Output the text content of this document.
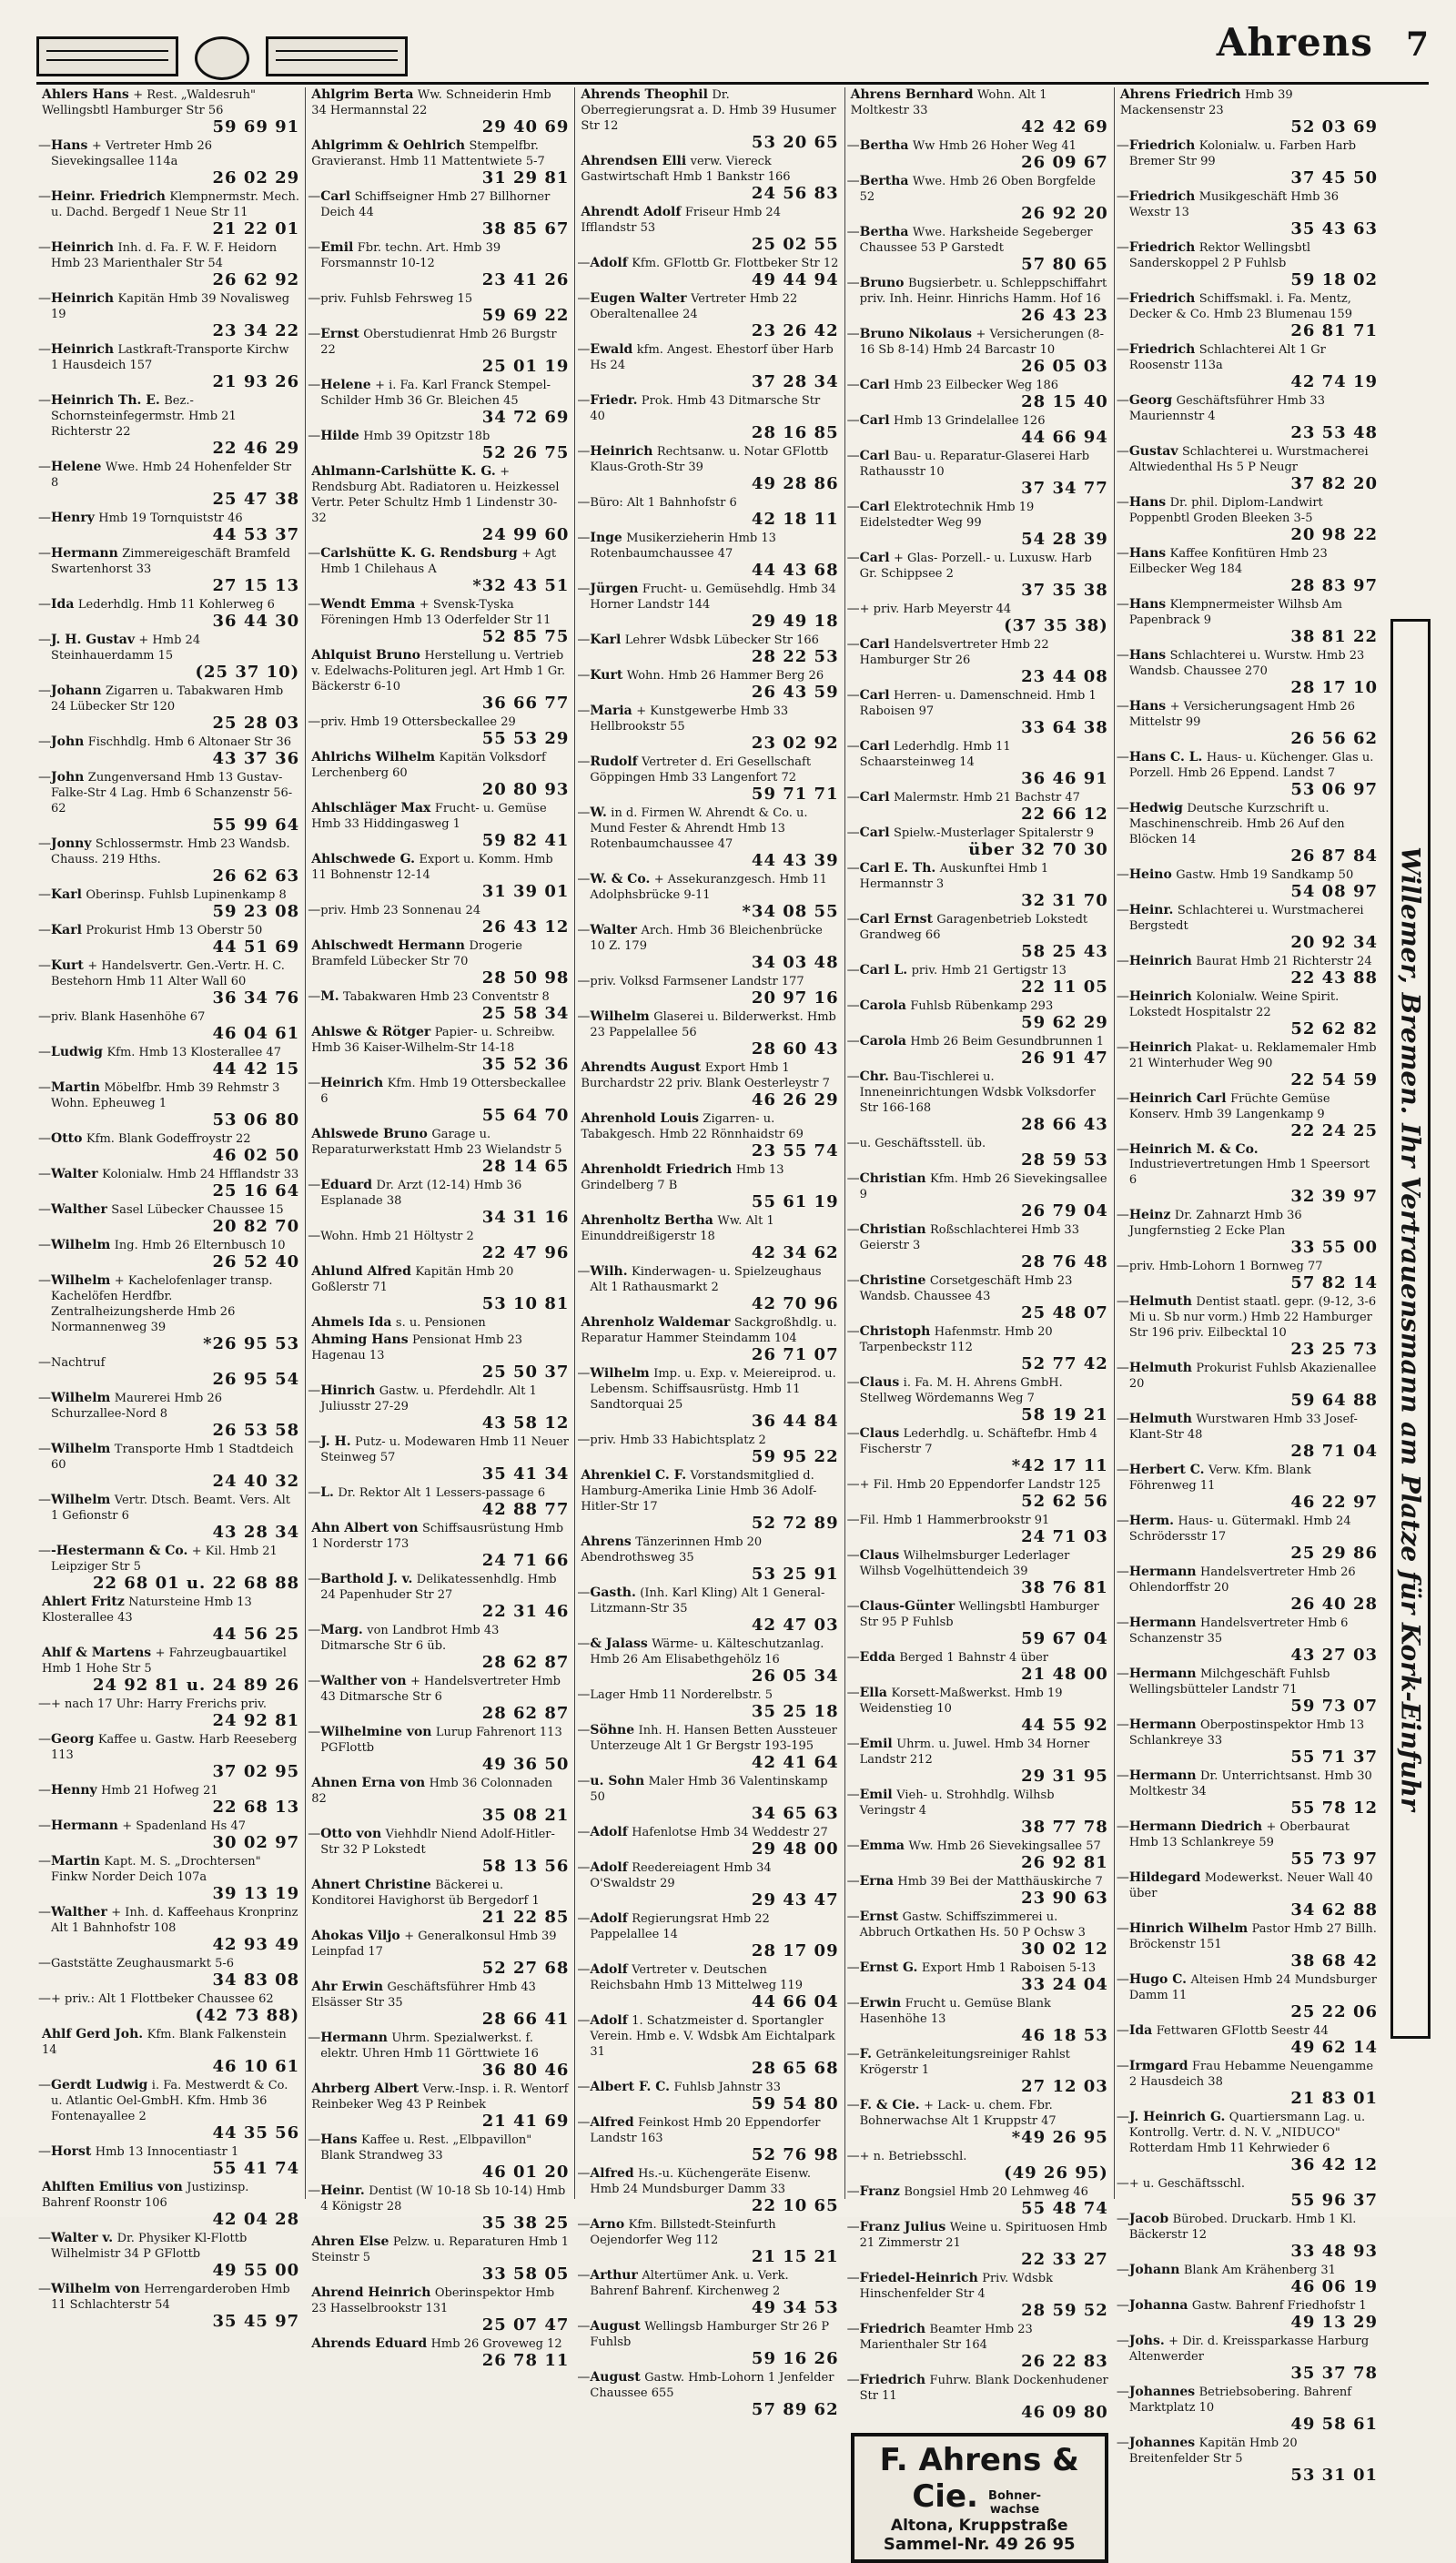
Ahrens 7
Ahlers Hans + Rest. „Waldesruh" Wellingsbtl Hamburger Str 56
59 69 91
— Hans + Vertreter Hmb 26 Sievekingsallee 114a
26 02 29
— Heinr. Friedrich Klempnermstr. Mech. u. Dachd. Bergedf 1 Neue Str 11
21 22 01
— Heinrich Inh. d. Fa. F. W. F. Heidorn Hmb 23 Marienthaler Str 54
26 62 92
— Heinrich Kapitän Hmb 39 Novalisweg 19
23 34 22
— Heinrich Lastkraft-Transporte Kirchw 1 Hausdeich 157
21 93 26
— Heinrich Th. E. Bez.-Schornsteinfegermstr. Hmb 21 Richterstr 22
22 46 29
— Helene Wwe. Hmb 24 Hohenfelder Str 8
25 47 38
— Henry Hmb 19 Tornquiststr 46
44 53 37
— Hermann Zimmereigeschäft Bramfeld Swartenhorst 33
27 15 13
— Ida Lederhdlg. Hmb 11 Kohlerweg 6
36 44 30
— J. H. Gustav + Hmb 24 Steinhauerdamm 15
(25 37 10)
— Johann Zigarren u. Tabakwaren Hmb 24 Lübecker Str 120
25 28 03
— John Fischhdlg. Hmb 6 Altonaer Str 36
43 37 36
— John Zungenversand Hmb 13 Gustav-Falke-Str 4 Lag. Hmb 6 Schanzenstr 56-62
55 99 64
— Jonny Schlossermstr. Hmb 23 Wandsb. Chauss. 219 Hths.
26 62 63
— Karl Oberinsp. Fuhlsb Lupinenkamp 8
59 23 08
— Karl Prokurist Hmb 13 Oberstr 50
44 51 69
— Kurt + Handelsvertr. Gen.-Vertr. H. C. Bestehorn Hmb 11 Alter Wall 60
36 34 76
— priv. Blank Hasenhöhe 67
46 04 61
— Ludwig Kfm. Hmb 13 Klosterallee 47
44 42 15
— Martin Möbelfbr. Hmb 39 Rehmstr 3 Wohn. Epheuweg 1
53 06 80
— Otto Kfm. Blank Godeffroystr 22
46 02 50
— Walter Kolonialw. Hmb 24 Hfflandstr 33
25 16 64
— Walther Sasel Lübecker Chaussee 15
20 82 70
— Wilhelm Ing. Hmb 26 Elternbusch 10
26 52 40
— Wilhelm + Kachelofenlager transp. Kachelöfen Herdfbr. Zentralheizungsherde Hmb 26 Normannenweg 39
*26 95 53
— Nachtruf
26 95 54
— Wilhelm Maurerei Hmb 26 Schurzallee-Nord 8
26 53 58
— Wilhelm Transporte Hmb 1 Stadtdeich 60
24 40 32
— Wilhelm Vertr. Dtsch. Beamt. Vers. Alt 1 Gefionstr 6
43 28 34
— -Hestermann & Co. + Kil. Hmb 21 Leipziger Str 5
22 68 01 u. 22 68 88
Ahlert Fritz Natursteine Hmb 13 Klosterallee 43
44 56 25
Ahlf & Martens + Fahrzeugbauartikel Hmb 1 Hohe Str 5
24 92 81 u. 24 89 26
— + nach 17 Uhr: Harry Frerichs priv.
24 92 81
— Georg Kaffee u. Gastw. Harb Reeseberg 113
37 02 95
— Henny Hmb 21 Hofweg 21
22 68 13
— Hermann + Spadenland Hs 47
30 02 97
— Martin Kapt. M. S. „Drochtersen" Finkw Norder Deich 107a
39 13 19
— Walther + Inh. d. Kaffeehaus Kronprinz Alt 1 Bahnhofstr 108
42 93 49
— Gaststätte Zeughausmarkt 5-6
34 83 08
— + priv.: Alt 1 Flottbeker Chaussee 62
(42 73 88)
Ahlf Gerd Joh. Kfm. Blank Falkenstein 14
46 10 61
— Gerdt Ludwig i. Fa. Mestwerdt & Co. u. Atlantic Oel-GmbH. Kfm. Hmb 36 Fontenayallee 2
44 35 56
— Horst Hmb 13 Innocentiastr 1
55 41 74
Ahlften Emilius von Justizinsp. Bahrenf Roonstr 106
42 04 28
— Walter v. Dr. Physiker Kl-Flottb Wilhelmistr 34 P GFlottb
49 55 00
— Wilhelm von Herrengarderoben Hmb 11 Schlachterstr 54
35 45 97
Ahlgrim Berta Ww. Schneiderin Hmb 34 Hermannstal 22
29 40 69
Ahlgrimm & Oehlrich Stempelfbr. Gravieranst. Hmb 11 Mattentwiete 5-7
31 29 81
— Carl Schiffseigner Hmb 27 Billhorner Deich 44
38 85 67
— Emil Fbr. techn. Art. Hmb 39 Forsmannstr 10-12
23 41 26
— priv. Fuhlsb Fehrsweg 15
59 69 22
— Ernst Oberstudienrat Hmb 26 Burgstr 22
25 01 19
— Helene + i. Fa. Karl Franck Stempel-Schilder Hmb 36 Gr. Bleichen 45
34 72 69
— Hilde Hmb 39 Opitzstr 18b
52 26 75
Ahlmann-Carlshütte K. G. + Rendsburg Abt. Radiatoren u. Heizkessel Vertr. Peter Schultz Hmb 1 Lindenstr 30-32
24 99 60
— Carlshütte K. G. Rendsburg + Agt Hmb 1 Chilehaus A
*32 43 51
— Wendt Emma + Svensk-Tyska Föreningen Hmb 13 Oderfelder Str 11
52 85 75
Ahlquist Bruno Herstellung u. Vertrieb v. Edelwachs-Polituren jegl. Art Hmb 1 Gr. Bäckerstr 6-10
36 66 77
— priv. Hmb 19 Ottersbeckallee 29
55 53 29
Ahlrichs Wilhelm Kapitän Volksdorf Lerchenberg 60
20 80 93
Ahlschläger Max Frucht- u. Gemüse Hmb 33 Hiddingasweg 1
59 82 41
Ahlschwede G. Export u. Komm. Hmb 11 Bohnenstr 12-14
31 39 01
— priv. Hmb 23 Sonnenau 24
26 43 12
Ahlschwedt Hermann Drogerie Bramfeld Lübecker Str 70
28 50 98
— M. Tabakwaren Hmb 23 Conventstr 8
25 58 34
Ahlswe & Rötger Papier- u. Schreibw. Hmb 36 Kaiser-Wilhelm-Str 14-18
35 52 36
— Heinrich Kfm. Hmb 19 Ottersbeckallee 6
55 64 70
Ahlswede Bruno Garage u. Reparaturwerkstatt Hmb 23 Wielandstr 5
28 14 65
— Eduard Dr. Arzt (12-14) Hmb 36 Esplanade 38
34 31 16
— Wohn. Hmb 21 Höltystr 2
22 47 96
Ahlund Alfred Kapitän Hmb 20 Goßlerstr 71
53 10 81
Ahmels Ida s. u. Pensionen
Ahming Hans Pensionat Hmb 23 Hagenau 13
25 50 37
— Hinrich Gastw. u. Pferdehdlr. Alt 1 Juliusstr 27-29
43 58 12
— J. H. Putz- u. Modewaren Hmb 11 Neuer Steinweg 57
35 41 34
— L. Dr. Rektor Alt 1 Lessers-passage 6
42 88 77
Ahn Albert von Schiffsausrüstung Hmb 1 Norderstr 173
24 71 66
— Barthold J. v. Delikatessenhdlg. Hmb 24 Papenhuder Str 27
22 31 46
— Marg. von Landbrot Hmb 43 Ditmarsche Str 6 üb.
28 62 87
— Walther von + Handelsvertreter Hmb 43 Ditmarsche Str 6
28 62 87
— Wilhelmine von Lurup Fahrenort 113 PGFlottb
49 36 50
Ahnen Erna von Hmb 36 Colonnaden 82
35 08 21
— Otto von Viehhdlr Niend Adolf-Hitler-Str 32 P Lokstedt
58 13 56
Ahnert Christine Bäckerei u. Konditorei Havighorst üb Bergedorf 1
21 22 85
Ahokas Viljo + Generalkonsul Hmb 39 Leinpfad 17
52 27 68
Ahr Erwin Geschäftsführer Hmb 43 Elsässer Str 35
28 66 41
— Hermann Uhrm. Spezialwerkst. f. elektr. Uhren Hmb 11 Görttwiete 16
36 80 46
Ahrberg Albert Verw.-Insp. i. R. Wentorf Reinbeker Weg 43 P Reinbek
21 41 69
— Hans Kaffee u. Rest. „Elbpavillon" Blank Strandweg 33
46 01 20
— Heinr. Dentist (W 10-18 Sb 10-14) Hmb 4 Königstr 28
35 38 25
Ahren Else Pelzw. u. Reparaturen Hmb 1 Steinstr 5
33 58 05
Ahrend Heinrich Oberinspektor Hmb 23 Hasselbrookstr 131
25 07 47
Ahrends Eduard Hmb 26 Groveweg 12
26 78 11
Ahrends Theophil Dr. Oberregierungsrat a. D. Hmb 39 Husumer Str 12
53 20 65
Ahrendsen Elli verw. Viereck Gastwirtschaft Hmb 1 Bankstr 166
24 56 83
Ahrendt Adolf Friseur Hmb 24 Ifflandstr 53
25 02 55
— Adolf Kfm. GFlottb Gr. Flottbeker Str 12
49 44 94
— Eugen Walter Vertreter Hmb 22 Oberaltenallee 24
23 26 42
— Ewald kfm. Angest. Ehestorf über Harb Hs 24
37 28 34
— Friedr. Prok. Hmb 43 Ditmarsche Str 40
28 16 85
— Heinrich Rechtsanw. u. Notar GFlottb Klaus-Groth-Str 39
49 28 86
— Büro: Alt 1 Bahnhofstr 6
42 18 11
— Inge Musikerzieherin Hmb 13 Rotenbaumchaussee 47
44 43 68
— Jürgen Frucht- u. Gemüsehdlg. Hmb 34 Horner Landstr 144
29 49 18
— Karl Lehrer Wdsbk Lübecker Str 166
28 22 53
— Kurt Wohn. Hmb 26 Hammer Berg 26
26 43 59
— Maria + Kunstgewerbe Hmb 33 Hellbrookstr 55
23 02 92
— Rudolf Vertreter d. Eri Gesellschaft Göppingen Hmb 33 Langenfort 72
59 71 71
— W. in d. Firmen W. Ahrendt & Co. u. Mund Fester & Ahrendt Hmb 13 Rotenbaumchaussee 47
44 43 39
— W. & Co. + Assekuranzgesch. Hmb 11 Adolphsbrücke 9-11
*34 08 55
— Walter Arch. Hmb 36 Bleichenbrücke 10 Z. 179
34 03 48
— priv. Volksd Farmsener Landstr 177
20 97 16
— Wilhelm Glaserei u. Bilderwerkst. Hmb 23 Pappelallee 56
28 60 43
Ahrendts August Export Hmb 1 Burchardstr 22 priv. Blank Oesterleystr 7
46 26 29
Ahrenhold Louis Zigarren- u. Tabakgesch. Hmb 22 Rönnhaidstr 69
23 55 74
Ahrenholdt Friedrich Hmb 13 Grindelberg 7 B
55 61 19
Ahrenholtz Bertha Ww. Alt 1 Einunddreißigerstr 18
42 34 62
— Wilh. Kinderwagen- u. Spielzeughaus Alt 1 Rathausmarkt 2
42 70 96
Ahrenholz Waldemar Sackgroßhdlg. u. Reparatur Hammer Steindamm 104
26 71 07
— Wilhelm Imp. u. Exp. v. Meiereiprod. u. Lebensm. Schiffsausrüstg. Hmb 11 Sandtorquai 25
36 44 84
— priv. Hmb 33 Habichtsplatz 2
59 95 22
Ahrenkiel C. F. Vorstandsmitglied d. Hamburg-Amerika Linie Hmb 36 Adolf-Hitler-Str 17
52 72 89
Ahrens Tänzerinnen Hmb 20 Abendrothsweg 35
53 25 91
— Gasth. (Inh. Karl Kling) Alt 1 General-Litzmann-Str 35
42 47 03
— & Jalass Wärme- u. Kälteschutzanlag. Hmb 26 Am Elisabethgehölz 16
26 05 34
— Lager Hmb 11 Norderelbstr. 5
35 25 18
— Söhne Inh. H. Hansen Betten Aussteuer Unterzeuge Alt 1 Gr Bergstr 193-195
42 41 64
— u. Sohn Maler Hmb 36 Valentinskamp 50
34 65 63
— Adolf Hafenlotse Hmb 34 Weddestr 27
29 48 00
— Adolf Reedereiagent Hmb 34 O'Swaldstr 29
29 43 47
— Adolf Regierungsrat Hmb 22 Pappelallee 14
28 17 09
— Adolf Vertreter v. Deutschen Reichsbahn Hmb 13 Mittelweg 119
44 66 04
— Adolf 1. Schatzmeister d. Sportangler Verein. Hmb e. V. Wdsbk Am Eichtalpark 31
28 65 68
— Albert F. C. Fuhlsb Jahnstr 33
59 54 80
— Alfred Feinkost Hmb 20 Eppendorfer Landstr 163
52 76 98
— Alfred Hs.-u. Küchengeräte Eisenw. Hmb 24 Mundsburger Damm 33
22 10 65
— Arno Kfm. Billstedt-Steinfurth Oejendorfer Weg 112
21 15 21
— Arthur Altertümer Ank. u. Verk. Bahrenf Bahrenf. Kirchenweg 2
49 34 53
— August Wellingsb Hamburger Str 26 P Fuhlsb
59 16 26
— August Gastw. Hmb-Lohorn 1 Jenfelder Chaussee 655
57 89 62
Ahrens Bernhard Wohn. Alt 1 Moltkestr 33
42 42 69
— Bertha Ww Hmb 26 Hoher Weg 41
26 09 67
— Bertha Wwe. Hmb 26 Oben Borgfelde 52
26 92 20
— Bertha Wwe. Harksheide Segeberger Chaussee 53 P Garstedt
57 80 65
— Bruno Bugsierbetr. u. Schleppschiffahrt priv. Inh. Heinr. Hinrichs Hamm. Hof 16
26 43 23
— Bruno Nikolaus + Versicherungen (8-16 Sb 8-14) Hmb 24 Barcastr 10
26 05 03
— Carl Hmb 23 Eilbecker Weg 186
28 15 40
— Carl Hmb 13 Grindelallee 126
44 66 94
— Carl Bau- u. Reparatur-Glaserei Harb Rathausstr 10
37 34 77
— Carl Elektrotechnik Hmb 19 Eidelstedter Weg 99
54 28 39
— Carl + Glas- Porzell.- u. Luxusw. Harb Gr. Schippsee 2
37 35 38
— + priv. Harb Meyerstr 44
(37 35 38)
— Carl Handelsvertreter Hmb 22 Hamburger Str 26
23 44 08
— Carl Herren- u. Damenschneid. Hmb 1 Raboisen 97
33 64 38
— Carl Lederhdlg. Hmb 11 Schaarsteinweg 14
36 46 91
— Carl Malermstr. Hmb 21 Bachstr 47
22 66 12
— Carl Spielw.-Musterlager Spitalerstr 9
über 32 70 30
— Carl E. Th. Auskunftei Hmb 1 Hermannstr 3
32 31 70
— Carl Ernst Garagenbetrieb Lokstedt Grandweg 66
58 25 43
— Carl L. priv. Hmb 21 Gertigstr 13
22 11 05
— Carola Fuhlsb Rübenkamp 293
59 62 29
— Carola Hmb 26 Beim Gesundbrunnen 1
26 91 47
— Chr. Bau-Tischlerei u. Inneneinrichtungen Wdsbk Volksdorfer Str 166-168
28 66 43
— u. Geschäftsstell. üb.
28 59 53
— Christian Kfm. Hmb 26 Sievekingsallee 9
26 79 04
— Christian Roßschlachterei Hmb 33 Geierstr 3
28 76 48
— Christine Corsetgeschäft Hmb 23 Wandsb. Chaussee 43
25 48 07
— Christoph Hafenmstr. Hmb 20 Tarpenbeckstr 112
52 77 42
— Claus i. Fa. M. H. Ahrens GmbH. Stellweg Wördemanns Weg 7
58 19 21
— Claus Lederhdlg. u. Schäftefbr. Hmb 4 Fischerstr 7
*42 17 11
— + Fil. Hmb 20 Eppendorfer Landstr 125
52 62 56
— Fil. Hmb 1 Hammerbrookstr 91
24 71 03
— Claus Wilhelmsburger Lederlager Wilhsb Vogelhüttendeich 39
38 76 81
— Claus-Günter Wellingsbtl Hamburger Str 95 P Fuhlsb
59 67 04
— Edda Berged 1 Bahnstr 4 über
21 48 00
— Ella Korsett-Maßwerkst. Hmb 19 Weidenstieg 10
44 55 92
— Emil Uhrm. u. Juwel. Hmb 34 Horner Landstr 212
29 31 95
— Emil Vieh- u. Strohhdlg. Wilhsb Veringstr 4
38 77 78
— Emma Ww. Hmb 26 Sievekingsallee 57
26 92 81
— Erna Hmb 39 Bei der Matthäuskirche 7
23 90 63
— Ernst Gastw. Schiffszimmerei u. Abbruch Ortkathen Hs. 50 P Ochsw 3
30 02 12
— Ernst G. Export Hmb 1 Raboisen 5-13
33 24 04
— Erwin Frucht u. Gemüse Blank Hasenhöhe 13
46 18 53
— F. Getränkeleitungsreiniger Rahlst Krögerstr 1
27 12 03
— F. & Cie. + Lack- u. chem. Fbr. Bohnerwachse Alt 1 Kruppstr 47
*49 26 95
— + n. Betriebsschl.
(49 26 95)
— Franz Bongsiel Hmb 20 Lehmweg 46
55 48 74
— Franz Julius Weine u. Spirituosen Hmb 21 Zimmerstr 21
22 33 27
— Friedel-Heinrich Priv. Wdsbk Hinschenfelder Str 4
28 59 52
— Friedrich Beamter Hmb 23 Marienthaler Str 164
26 22 83
— Friedrich Fuhrw. Blank Dockenhudener Str 11
46 09 80
F. Ahrens & Cie. Bohner-wachse
Altona, Kruppstraße
Sammel-Nr. 49 26 95
Ahrens Friedrich Hmb 39 Mackensenstr 23
52 03 69
— Friedrich Kolonialw. u. Farben Harb Bremer Str 99
37 45 50
— Friedrich Musikgeschäft Hmb 36 Wexstr 13
35 43 63
— Friedrich Rektor Wellingsbtl Sanderskoppel 2 P Fuhlsb
59 18 02
— Friedrich Schiffsmakl. i. Fa. Mentz, Decker & Co. Hmb 23 Blumenau 159
26 81 71
— Friedrich Schlachterei Alt 1 Gr Roosenstr 113a
42 74 19
— Georg Geschäftsführer Hmb 33 Mauriennstr 4
23 53 48
— Gustav Schlachterei u. Wurstmacherei Altwiedenthal Hs 5 P Neugr
37 82 20
— Hans Dr. phil. Diplom-Landwirt Poppenbtl Groden Bleeken 3-5
20 98 22
— Hans Kaffee Konfitüren Hmb 23 Eilbecker Weg 184
28 83 97
— Hans Klempnermeister Wilhsb Am Papenbrack 9
38 81 22
— Hans Schlachterei u. Wurstw. Hmb 23 Wandsb. Chaussee 270
28 17 10
— Hans + Versicherungsagent Hmb 26 Mittelstr 99
26 56 62
— Hans C. L. Haus- u. Küchenger. Glas u. Porzell. Hmb 26 Eppend. Landst 7
53 06 97
— Hedwig Deutsche Kurzschrift u. Maschinenschreib. Hmb 26 Auf den Blöcken 14
26 87 84
— Heino Gastw. Hmb 19 Sandkamp 50
54 08 97
— Heinr. Schlachterei u. Wurstmacherei Bergstedt
20 92 34
— Heinrich Baurat Hmb 21 Richterstr 24
22 43 88
— Heinrich Kolonialw. Weine Spirit. Lokstedt Hospitalstr 22
52 62 82
— Heinrich Plakat- u. Reklamemaler Hmb 21 Winterhuder Weg 90
22 54 59
— Heinrich Carl Früchte Gemüse Konserv. Hmb 39 Langenkamp 9
22 24 25
— Heinrich M. & Co. Industrievertretungen Hmb 1 Speersort 6
32 39 97
— Heinz Dr. Zahnarzt Hmb 36 Jungfernstieg 2 Ecke Plan
33 55 00
— priv. Hmb-Lohorn 1 Bornweg 77
57 82 14
— Helmuth Dentist staatl. gepr. (9-12, 3-6 Mi u. Sb nur vorm.) Hmb 22 Hamburger Str 196 priv. Eilbecktal 10
23 25 73
— Helmuth Prokurist Fuhlsb Akazienallee 20
59 64 88
— Helmuth Wurstwaren Hmb 33 Josef-Klant-Str 48
28 71 04
— Herbert C. Verw. Kfm. Blank Föhrenweg 11
46 22 97
— Herm. Haus- u. Gütermakl. Hmb 24 Schrödersstr 17
25 29 86
— Hermann Handelsvertreter Hmb 26 Ohlendorffstr 20
26 40 28
— Hermann Handelsvertreter Hmb 6 Schanzenstr 35
43 27 03
— Hermann Milchgeschäft Fuhlsb Wellingsbütteler Landstr 71
59 73 07
— Hermann Oberpostinspektor Hmb 13 Schlankreye 33
55 71 37
— Hermann Dr. Unterrichtsanst. Hmb 30 Moltkestr 34
55 78 12
— Hermann Diedrich + Oberbaurat Hmb 13 Schlankreye 59
55 73 97
— Hildegard Modewerkst. Neuer Wall 40 über
34 62 88
— Hinrich Wilhelm Pastor Hmb 27 Billh. Bröckenstr 151
38 68 42
— Hugo C. Alteisen Hmb 24 Mundsburger Damm 11
25 22 06
— Ida Fettwaren GFlottb Seestr 44
49 62 14
— Irmgard Frau Hebamme Neuengamme 2 Hausdeich 38
21 83 01
— J. Heinrich G. Quartiersmann Lag. u. Kontrollg. Vertr. d. N. V. „NIDUCO" Rotterdam Hmb 11 Kehrwieder 6
36 42 12
— + u. Geschäftsschl.
55 96 37
— Jacob Bürobed. Druckarb. Hmb 1 Kl. Bäckerstr 12
33 48 93
— Johann Blank Am Krähenberg 31
46 06 19
— Johanna Gastw. Bahrenf Friedhofstr 1
49 13 29
— Johs. + Dir. d. Kreissparkasse Harburg Altenwerder
35 37 78
— Johannes Betriebsobering. Bahrenf Marktplatz 10
49 58 61
— Johannes Kapitän Hmb 20 Breitenfelder Str 5
53 31 01
Willemer, Bremen. Ihr Vertrauensmann am Platze für Kork-Einfuhr
